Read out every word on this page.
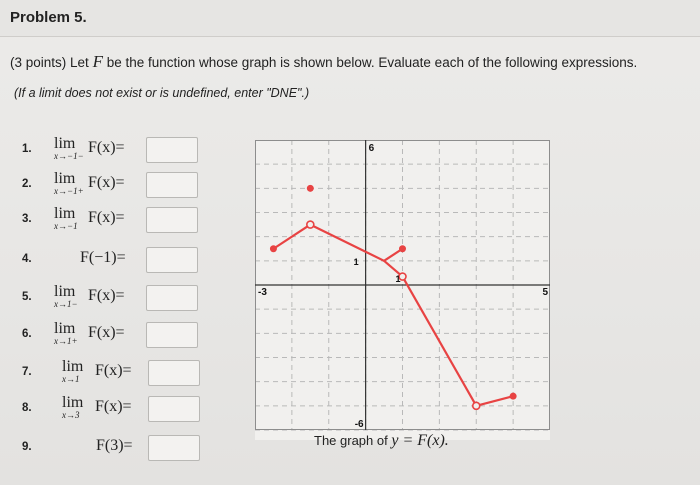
Problem 5.
(3 points) Let F be the function whose graph is shown below. Evaluate each of the following expressions.
(If a limit does not exist or is undefined, enter "DNE".)
1. lim
x→−1− F(x)=
2. lim
x→−1+ F(x)=
3. lim
x→−1 F(x)=
4.	F(−1)=
5. lim
x→1− F(x)=
6. lim
x→1+ F(x)=
7. lim
x→1 F(x)=
8. lim
x→3 F(x)=
9.	F(3)=
6
-6
-3	5
1
1
The graph of y = F(x).
